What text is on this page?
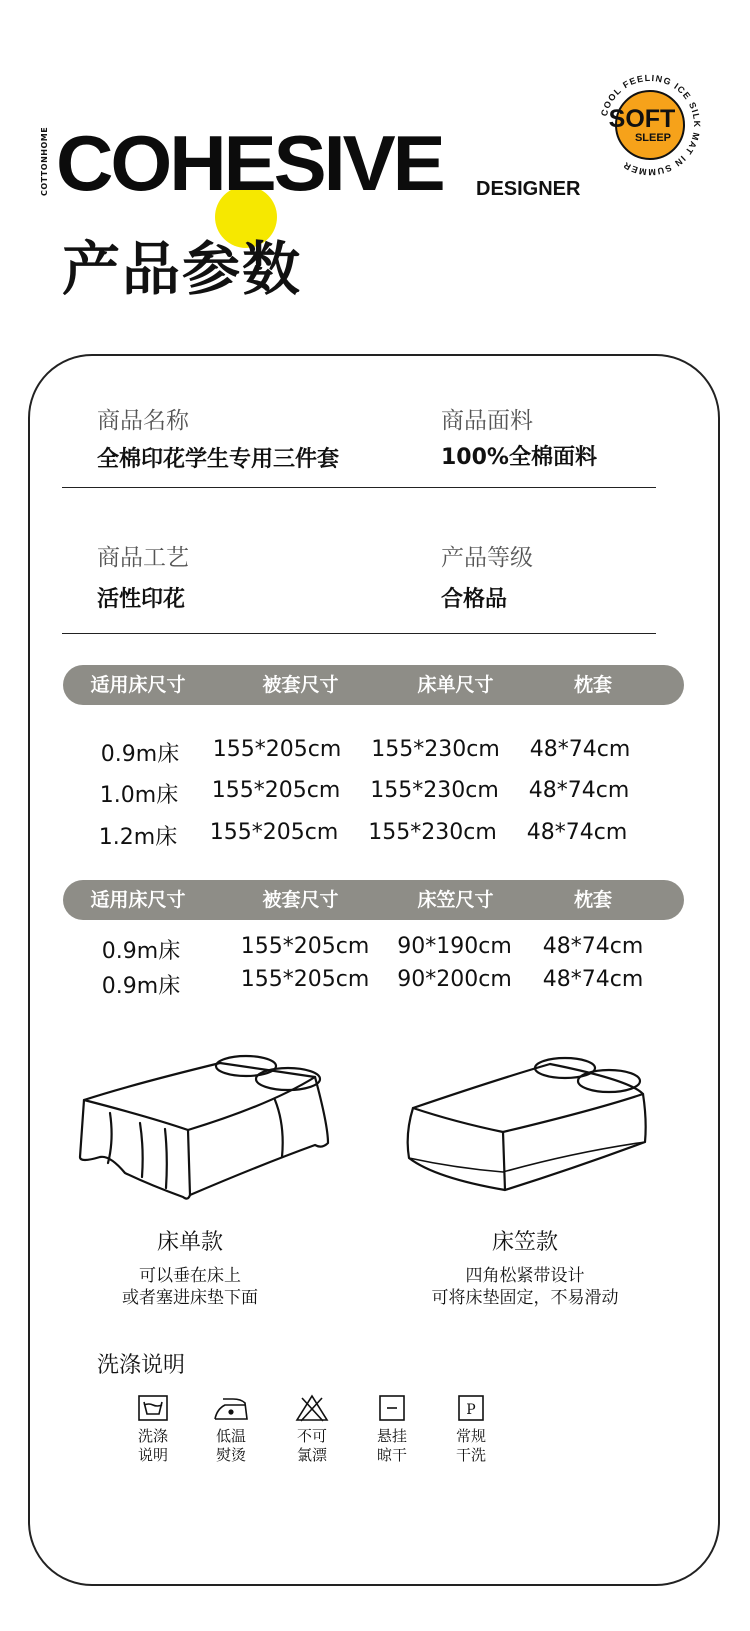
COTTONHOME COHESIVE DESIGNER
产品参数
COOL FEELING ICE SILK MAT IN SUMMER
SOFT
SLEEP
商品名称
全棉印花学生专用三件套
商品面料
100%全棉面料
商品工艺
活性印花
产品等级
合格品
适用床尺寸	被套尺寸	床单尺寸	枕套
0.9m床	155*205cm 155*230cm 48*74cm
1.0m床	155*205cm 155*230cm 48*74cm
1.2m床	155*205cm 155*230cm 48*74cm
适用床尺寸	被套尺寸	床笠尺寸	枕套
0.9m床	155*205cm 90*190cm 48*74cm
0.9m床	155*205cm 90*200cm 48*74cm
床单款
可以垂在床上
或者塞进床垫下面
床笠款
四角松紧带设计
可将床垫固定，不易滑动
洗涤说明
洗涤
说明
低温
熨烫
不可
氯漂
悬挂
晾干
P
常规
干洗
